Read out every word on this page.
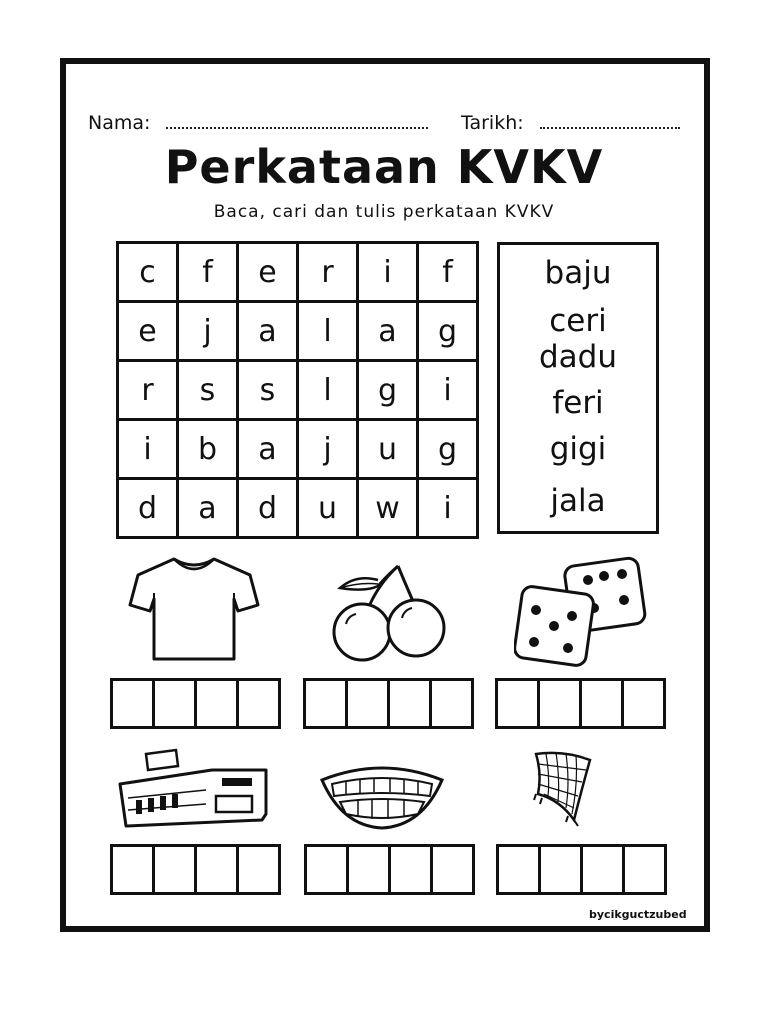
Nama:	Tarikh:
Perkataan KVKV
Baca, cari dan tulis perkataan KVKV
c	f	e	r	i	f
e	j	a	l	a	g
r	s	s	l	g	i
i	b	a	j	u	g
d	a	d	u	w	i
baju
ceri
dadu
feri
gigi
jala
bycikguctzubed
